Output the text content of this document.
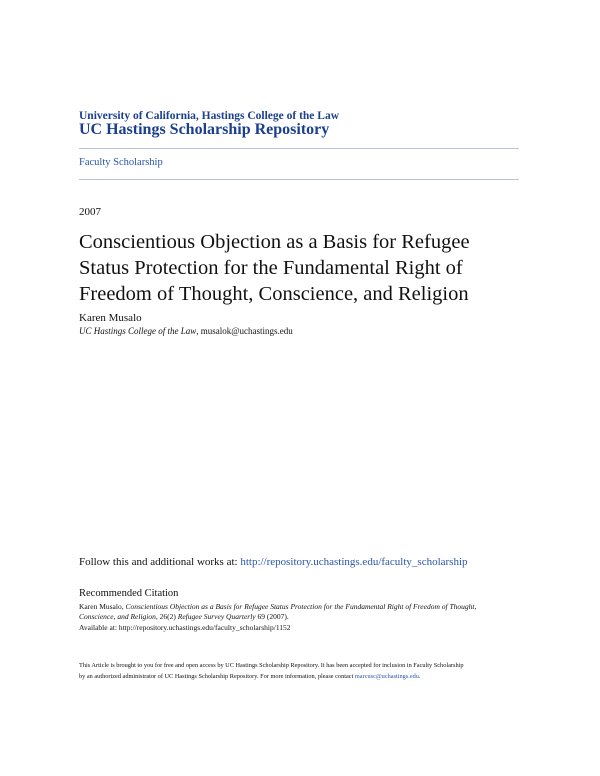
University of California, Hastings College of the Law
UC Hastings Scholarship Repository
Faculty Scholarship
2007
Conscientious Objection as a Basis for Refugee
Status Protection for the Fundamental Right of
Freedom of Thought, Conscience, and Religion
Karen Musalo
UC Hastings College of the Law, musalok@uchastings.edu
Follow this and additional works at: http://repository.uchastings.edu/faculty_scholarship
Recommended Citation
Karen Musalo, Conscientious Objection as a Basis for Refugee Status Protection for the Fundamental Right of Freedom of Thought,
Conscience, and Religion, 26(2) Refugee Survey Quarterly 69 (2007).
Available at: http://repository.uchastings.edu/faculty_scholarship/1152
This Article is brought to you for free and open access by UC Hastings Scholarship Repository. It has been accepted for inclusion in Faculty Scholarship
by an authorized administrator of UC Hastings Scholarship Repository. For more information, please contact marcusc@uchastings.edu.
